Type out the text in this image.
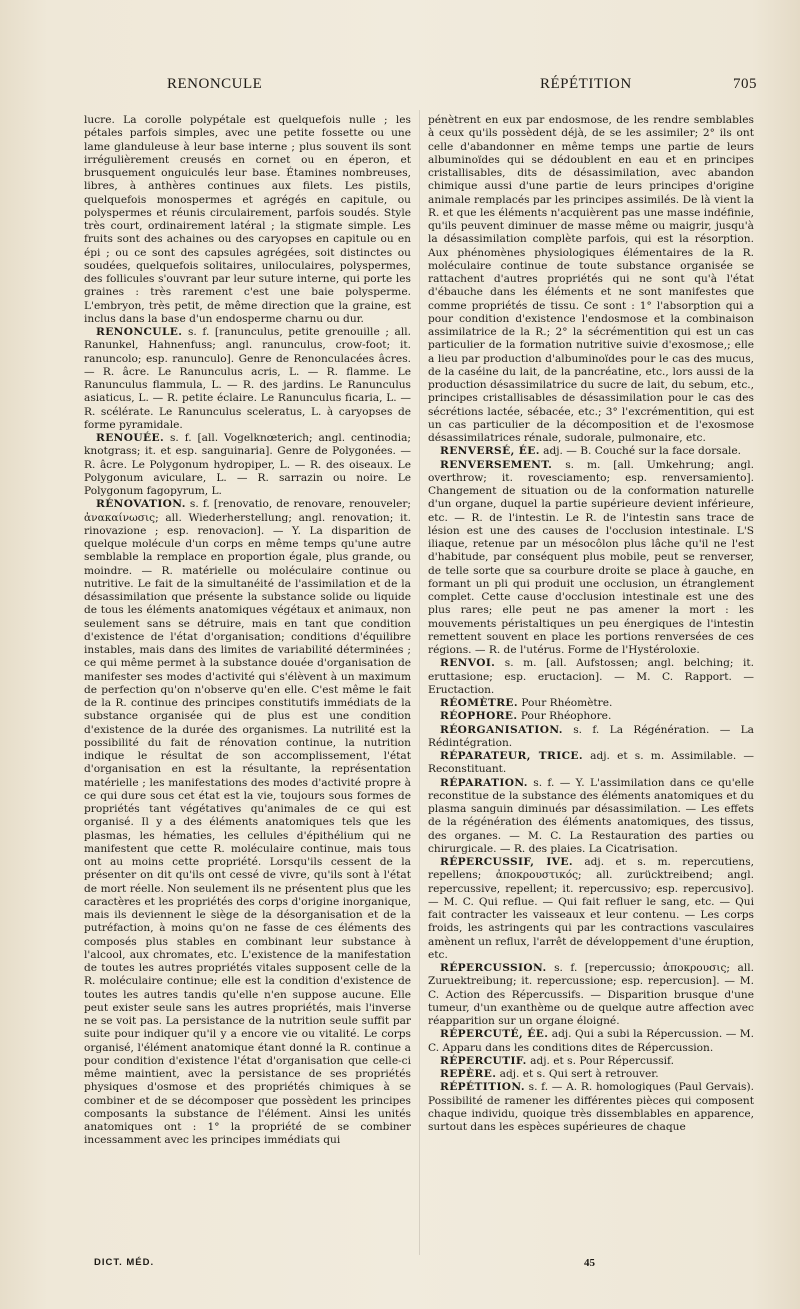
RENONCULE	RÉPÉTITION	705

lucre. La corolle polypétale est quelquefois nulle ; les pétales parfois simples, avec une petite fossette ou une lame glanduleuse à leur base interne ; plus souvent ils sont irrégulièrement creusés en cornet ou en éperon, et brusquement onguiculés leur base. Étamines nombreuses, libres, à anthères continues aux filets. Les pistils, quelquefois monospermes et agrégés en capitule, ou polyspermes et réunis circulairement, parfois soudés. Style très court, ordinairement latéral ; la stigmate simple. Les fruits sont des achaines ou des caryopses en capitule ou en épi ; ou ce sont des capsules agrégées, soit distinctes ou soudées, quelquefois solitaires, uniloculaires, polyspermes, des follicules s'ouvrant par leur suture interne, qui porte les graines : très rarement c'est une baie polysperme. L'embryon, très petit, de même direction que la graine, est inclus dans la base d'un endosperme charnu ou dur.

RENONCULE. s. f. [ranunculus, petite grenouille ; all. Ranunkel, Hahnenfuss; angl. ranunculus, crow-foot; it. ranuncolo; esp. ranunculo]. Genre de Renonculacées âcres. — R. âcre. Le Ranunculus acris, L. — R. flamme. Le Ranunculus flammula, L. — R. des jardins. Le Ranunculus asiaticus, L. — R. petite éclaire. Le Ranunculus ficaria, L. — R. scélérate. Le Ranunculus sceleratus, L. à caryopses de forme pyramidale.

RENOUÉE. s. f. [all. Vogelknœterich; angl. centinodia; knotgrass; it. et esp. sanguinaria]. Genre de Polygonées. — R. âcre. Le Polygonum hydropiper, L. — R. des oiseaux. Le Polygonum aviculare, L. — R. sarrazin ou noire. Le Polygonum fagopyrum, L.

RÉNOVATION. s. f. [renovatio, de renovare, renouveler; ἀνακαίνωσις; all. Wiederherstellung; angl. renovation; it. rinovazione ; esp. renovacion]. — Y. La disparition de quelque molécule d'un corps en même temps qu'une autre semblable la remplace en proportion égale, plus grande, ou moindre. — R. matérielle ou moléculaire continue ou nutritive. Le fait de la simultanéité de l'assimilation et de la désassimilation que présente la substance solide ou liquide de tous les éléments anatomiques végétaux et animaux, non seulement sans se détruire, mais en tant que condition d'existence de l'état d'organisation; conditions d'équilibre instables, mais dans des limites de variabilité déterminées ; ce qui même permet à la substance douée d'organisation de manifester ses modes d'activité qui s'élèvent à un maximum de perfection qu'on n'observe qu'en elle. C'est même le fait de la R. continue des principes constitutifs immédiats de la substance organisée qui de plus est une condition d'existence de la durée des organismes. La nutrilité est la possibilité du fait de rénovation continue, la nutrition indique le résultat de son accomplissement, l'état d'organisation en est la résultante, la représentation matérielle ; les manifestations des modes d'activité propre à ce qui dure sous cet état est la vie, toujours sous formes de propriétés tant végétatives qu'animales de ce qui est organisé. Il y a des éléments anatomiques tels que les plasmas, les hématies, les cellules d'épithélium qui ne manifestent que cette R. moléculaire continue, mais tous ont au moins cette propriété. Lorsqu'ils cessent de la présenter on dit qu'ils ont cessé de vivre, qu'ils sont à l'état de mort réelle. Non seulement ils ne présentent plus que les caractères et les propriétés des corps d'origine inorganique, mais ils deviennent le siège de la désorganisation et de la putréfaction, à moins qu'on ne fasse de ces éléments des composés plus stables en combinant leur substance à l'alcool, aux chromates, etc. L'existence de la manifestation de toutes les autres propriétés vitales supposent celle de la R. moléculaire continue; elle est la condition d'existence de toutes les autres tandis qu'elle n'en suppose aucune. Elle peut exister seule sans les autres propriétés, mais l'inverse ne se voit pas. La persistance de la nutrition seule suffit par suite pour indiquer qu'il y a encore vie ou vitalité. Le corps organisé, l'élément anatomique étant donné la R. continue a pour condition d'existence l'état d'organisation que celle-ci même maintient, avec la persistance de ses propriétés physiques d'osmose et des propriétés chimiques à se combiner et de se décomposer que possèdent les principes composants la substance de l'élément. Ainsi les unités anatomiques ont : 1° la propriété de se combiner incessamment avec les principes immédiats qui

pénètrent en eux par endosmose, de les rendre semblables à ceux qu'ils possèdent déjà, de se les assimiler; 2° ils ont celle d'abandonner en même temps une partie de leurs albuminoïdes qui se dédoublent en eau et en principes cristallisables, dits de désassimilation, avec abandon chimique aussi d'une partie de leurs principes d'origine animale remplacés par les principes assimilés. De là vient la R. et que les éléments n'acquièrent pas une masse indéfinie, qu'ils peuvent diminuer de masse même ou maigrir, jusqu'à la désassimilation complète parfois, qui est la résorption. Aux phénomènes physiologiques élémentaires de la R. moléculaire continue de toute substance organisée se rattachent d'autres propriétés qui ne sont qu'à l'état d'ébauche dans les éléments et ne sont manifestes que comme propriétés de tissu. Ce sont : 1° l'absorption qui a pour condition d'existence l'endosmose et la combinaison assimilatrice de la R.; 2° la sécrémentition qui est un cas particulier de la formation nutritive suivie d'exosmose,; elle a lieu par production d'albuminoïdes pour le cas des mucus, de la caséine du lait, de la pancréatine, etc., lors aussi de la production désassimilatrice du sucre de lait, du sebum, etc., principes cristallisables de désassimilation pour le cas des sécrétions lactée, sébacée, etc.; 3° l'excrémentition, qui est un cas particulier de la décomposition et de l'exosmose désassimilatrices rénale, sudorale, pulmonaire, etc.

RENVERSÉ, ÉE. adj. — B. Couché sur la face dorsale.

RENVERSEMENT. s. m. [all. Umkehrung; angl. overthrow; it. rovesciamento; esp. renversamiento]. Changement de situation ou de la conformation naturelle d'un organe, duquel la partie supérieure devient inférieure, etc. — R. de l'intestin. Le R. de l'intestin sans trace de lésion est une des causes de l'occlusion intestinale. L'S iliaque, retenue par un mésocôlon plus lâche qu'il ne l'est d'habitude, par conséquent plus mobile, peut se renverser, de telle sorte que sa courbure droite se place à gauche, en formant un pli qui produit une occlusion, un étranglement complet. Cette cause d'occlusion intestinale est une des plus rares; elle peut ne pas amener la mort : les mouvements péristaltiques un peu énergiques de l'intestin remettent souvent en place les portions renversées de ces régions. — R. de l'utérus. Forme de l'Hystéroloxie.

RENVOI. s. m. [all. Aufstossen; angl. belching; it. eruttasione; esp. eructacion]. — M. C. Rapport. — Eructaction.

RÉOMÈTRE. Pour Rhéomètre.

RÉOPHORE. Pour Rhéophore.

RÉORGANISATION. s. f. La Régénération. — La Rédintégration.

RÉPARATEUR, TRICE. adj. et s. m. Assimilable. — Reconstituant.

RÉPARATION. s. f. — Y. L'assimilation dans ce qu'elle reconstitue de la substance des éléments anatomiques et du plasma sanguin diminués par désassimilation. — Les effets de la régénération des éléments anatomiques, des tissus, des organes. — M. C. La Restauration des parties ou chirurgicale. — R. des plaies. La Cicatrisation.

RÉPERCUSSIF, IVE. adj. et s. m. repercutiens, repellens; ἀποκρουστικός; all. zurücktreibend; angl. repercussive, repellent; it. repercussivo; esp. repercusivo]. — M. C. Qui reflue. — Qui fait refluer le sang, etc. — Qui fait contracter les vaisseaux et leur contenu. — Les corps froids, les astringents qui par les contractions vasculaires amènent un reflux, l'arrêt de développement d'une éruption, etc.

RÉPERCUSSION. s. f. [repercussio; ἀποκρουσις; all. Zuruektreibung; it. repercussione; esp. repercusion]. — M. C. Action des Répercussifs. — Disparition brusque d'une tumeur, d'un exanthème ou de quelque autre affection avec réapparition sur un organe éloigné.

RÉPERCUTÉ, ÉE. adj. Qui a subi la Répercussion. — M. C. Apparu dans les conditions dites de Répercussion.

RÉPERCUTIF. adj. et s. Pour Répercussif.

REPÈRE. adj. et s. Qui sert à retrouver.

RÉPÉTITION. s. f. — A. R. homologiques (Paul Gervais). Possibilité de ramener les différentes pièces qui composent chaque individu, quoique très dissemblables en apparence, surtout dans les espèces supérieures de chaque

DICT. MÉD.	45
